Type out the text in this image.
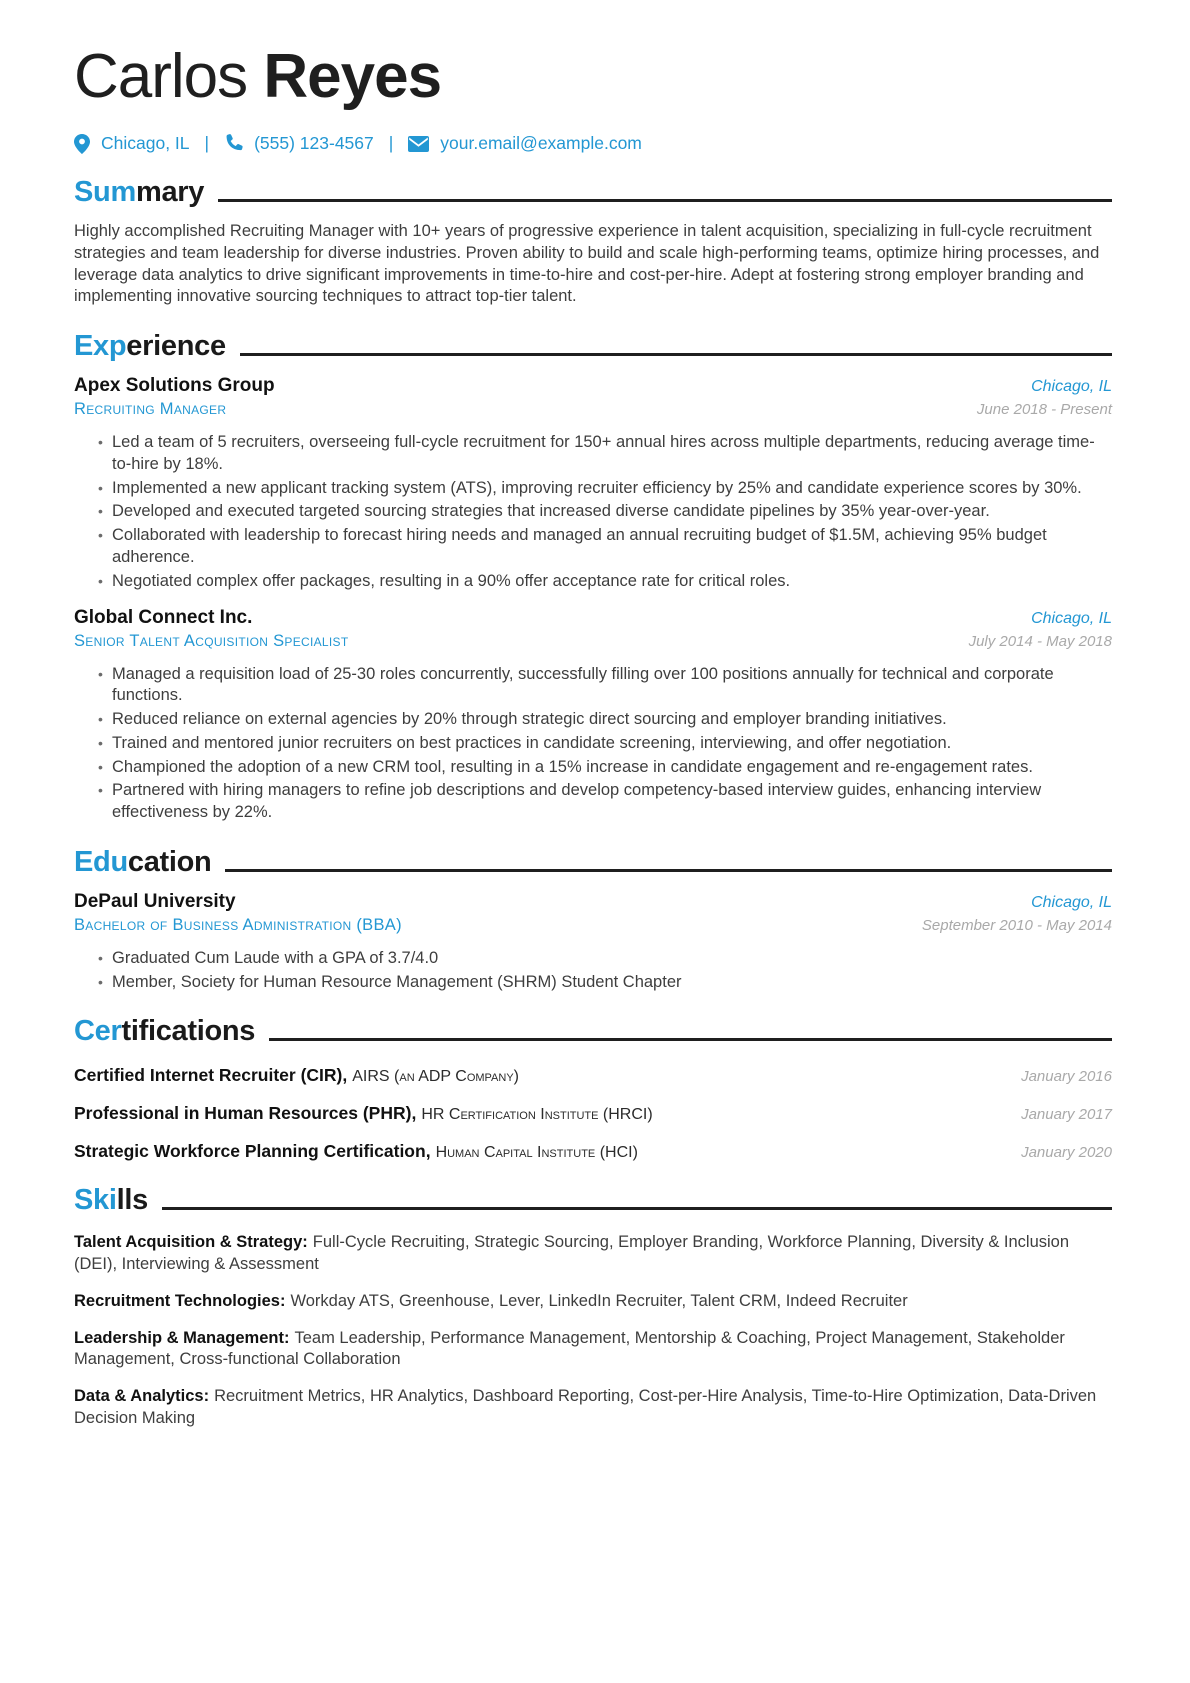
Carlos Reyes
Chicago, IL |	(555) 123-4567 |	your.email@example.com
Sum mary

Highly accomplished Recruiting Manager with 10+ years of progressive experience in talent acquisition, specializing in full-cycle recruitment strategies and team leadership for diverse industries. Proven ability to build and scale high-performing teams, optimize hiring processes, and leverage data analytics to drive significant improvements in time-to-hire and cost-per-hire. Adept at fostering strong employer branding and implementing innovative sourcing techniques to attract top-tier talent.

Exp erience
Apex Solutions Group	Chicago, IL
Recruiting Manager	June 2018 - Present
• Led a team of 5 recruiters, overseeing full-cycle recruitment for 150+ annual hires across multiple departments, reducing average time-to-hire by 18%.
• Implemented a new applicant tracking system (ATS), improving recruiter efficiency by 25% and candidate experience scores by 30%.
• Developed and executed targeted sourcing strategies that increased diverse candidate pipelines by 35% year-over-year.
• Collaborated with leadership to forecast hiring needs and managed an annual recruiting budget of $1.5M, achieving 95% budget adherence.
• Negotiated complex offer packages, resulting in a 90% offer acceptance rate for critical roles.
Global Connect Inc.	Chicago, IL
Senior Talent Acquisition Specialist	July 2014 - May 2018
• Managed a requisition load of 25-30 roles concurrently, successfully filling over 100 positions annually for technical and corporate functions.
• Reduced reliance on external agencies by 20% through strategic direct sourcing and employer branding initiatives.
• Trained and mentored junior recruiters on best practices in candidate screening, interviewing, and offer negotiation.
• Championed the adoption of a new CRM tool, resulting in a 15% increase in candidate engagement and re-engagement rates.
• Partnered with hiring managers to refine job descriptions and develop competency-based interview guides, enhancing interview effectiveness by 22%.
Edu cation
DePaul University	Chicago, IL
Bachelor of Business Administration (BBA)	September 2010 - May 2014
• Graduated Cum Laude with a GPA of 3.7/4.0
• Member, Society for Human Resource Management (SHRM) Student Chapter
Cer tifications
Certified Internet Recruiter (CIR), AIRS (an ADP Company)	January 2016
Professional in Human Resources (PHR), HR Certification Institute (HRCI)	January 2017
Strategic Workforce Planning Certification, Human Capital Institute (HCI)	January 2020
Ski lls

Talent Acquisition & Strategy: Full-Cycle Recruiting, Strategic Sourcing, Employer Branding, Workforce Planning, Diversity & Inclusion (DEI), Interviewing & Assessment

Recruitment Technologies: Workday ATS, Greenhouse, Lever, LinkedIn Recruiter, Talent CRM, Indeed Recruiter

Leadership & Management: Team Leadership, Performance Management, Mentorship & Coaching, Project Management, Stakeholder Management, Cross-functional Collaboration

Data & Analytics: Recruitment Metrics, HR Analytics, Dashboard Reporting, Cost-per-Hire Analysis, Time-to-Hire Optimization, Data-Driven Decision Making
